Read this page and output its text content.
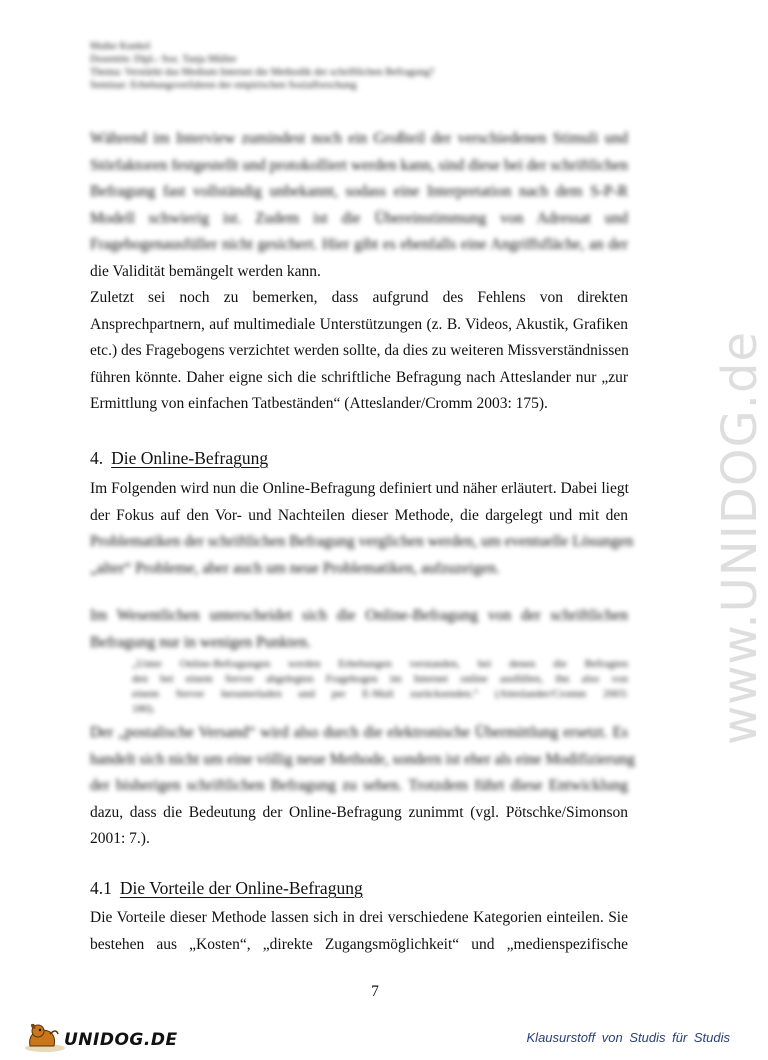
www.UNIDOG.de
Maike Kunkel
Dozentin: Dipl.- Soz. Tanja Müller
Thema: Verstärkt das Medium Internet die Methodik der schriftlichen Befragung?
Seminar: Erhebungsverfahren der empirischen Sozialforschung
Während im Interview zumindest noch ein Großteil der verschiedenen Stimuli und
Störfaktoren festgestellt und protokolliert werden kann, sind diese bei der schriftlichen
Befragung fast vollständig unbekannt, sodass eine Interpretation nach dem S-P-R
Modell schwierig ist. Zudem ist die Übereinstimmung von Adressat und
Fragebogenausfüller nicht gesichert. Hier gibt es ebenfalls eine Angriffsfläche, an der
die Validität bemängelt werden kann.
Zuletzt sei noch zu bemerken, dass aufgrund des Fehlens von direkten
Ansprechpartnern, auf multimediale Unterstützungen (z. B. Videos, Akustik, Grafiken
etc.) des Fragebogens verzichtet werden sollte, da dies zu weiteren Missverständnissen
führen könnte. Daher eigne sich die schriftliche Befragung nach Atteslander nur „zur
Ermittlung von einfachen Tatbeständen“ (Atteslander/Cromm 2003: 175).
4. Die Online-Befragung
Im Folgenden wird nun die Online-Befragung definiert und näher erläutert. Dabei liegt
der Fokus auf den Vor- und Nachteilen dieser Methode, die dargelegt und mit den
Problematiken der schriftlichen Befragung verglichen werden, um eventuelle Lösungen
„alter“ Probleme, aber auch um neue Problematiken, aufzuzeigen.
Im Wesentlichen unterscheidet sich die Online-Befragung von der schriftlichen
Befragung nur in wenigen Punkten.
„Unter Online-Befragungen werden Erhebungen verstanden, bei denen die Befragten
den bei einem Server abgelegten Fragebogen im Internet online ausfüllen, ihn also von
einem Server herunterladen und per E-Mail zurücksenden.“ (Atteslander/Cromm 2003:
180).
Der „postalische Versand“ wird also durch die elektronische Übermittlung ersetzt. Es
handelt sich nicht um eine völlig neue Methode, sondern ist eher als eine Modifizierung
der bisherigen schriftlichen Befragung zu sehen. Trotzdem führt diese Entwicklung
dazu, dass die Bedeutung der Online-Befragung zunimmt (vgl. Pötschke/Simonson
2001: 7.).
4.1 Die Vorteile der Online-Befragung
Die Vorteile dieser Methode lassen sich in drei verschiedene Kategorien einteilen. Sie
bestehen aus „Kosten“, „direkte Zugangsmöglichkeit“ und „medienspezifische
7
UNIDOG.DE	Klausurstoff von Studis für Studis
